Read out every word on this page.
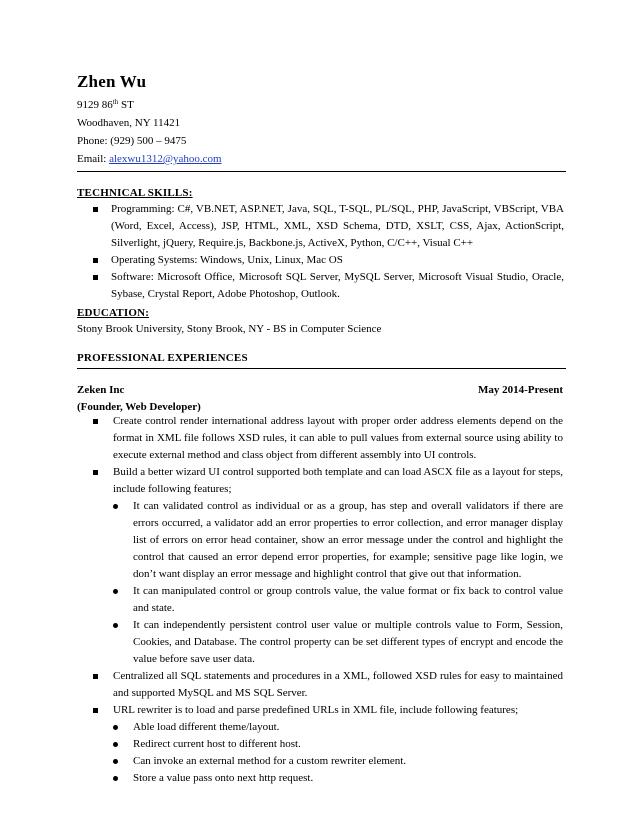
Zhen Wu
9129 86th ST
Woodhaven, NY 11421
Phone: (929) 500 – 9475
Email: alexwu1312@yahoo.com
TECHNICAL SKILLS:
Programming: C#, VB.NET, ASP.NET, Java, SQL, T-SQL, PL/SQL, PHP, JavaScript, VBScript, VBA (Word, Excel, Access), JSP, HTML, XML, XSD Schema, DTD, XSLT, CSS, Ajax, ActionScript, Silverlight, jQuery, Require.js, Backbone.js, ActiveX, Python, C/C++, Visual C++
Operating Systems: Windows, Unix, Linux, Mac OS
Software: Microsoft Office, Microsoft SQL Server, MySQL Server, Microsoft Visual Studio, Oracle, Sybase, Crystal Report, Adobe Photoshop, Outlook.
EDUCATION:
Stony Brook University, Stony Brook, NY - BS in Computer Science
PROFESSIONAL EXPERIENCES
Zeken Inc	May 2014-Present
(Founder, Web Developer)
Create control render international address layout with proper order address elements depend on the format in XML file follows XSD rules, it can able to pull values from external source using ability to execute external method and class object from different assembly into UI controls.
Build a better wizard UI control supported both template and can load ASCX file as a layout for steps, include following features;
It can validated control as individual or as a group, has step and overall validators if there are errors occurred, a validator add an error properties to error collection, and error manager display list of errors on error head container, show an error message under the control and highlight the control that caused an error depend error properties, for example; sensitive page like login, we don’t want display an error message and highlight control that give out that information.
It can manipulated control or group controls value, the value format or fix back to control value and state.
It can independently persistent control user value or multiple controls value to Form, Session, Cookies, and Database. The control property can be set different types of encrypt and encode the value before save user data.
Centralized all SQL statements and procedures in a XML, followed XSD rules for easy to maintained and supported MySQL and MS SQL Server.
URL rewriter is to load and parse predefined URLs in XML file, include following features;
Able load different theme/layout.
Redirect current host to different host.
Can invoke an external method for a custom rewriter element.
Store a value pass onto next http request.
